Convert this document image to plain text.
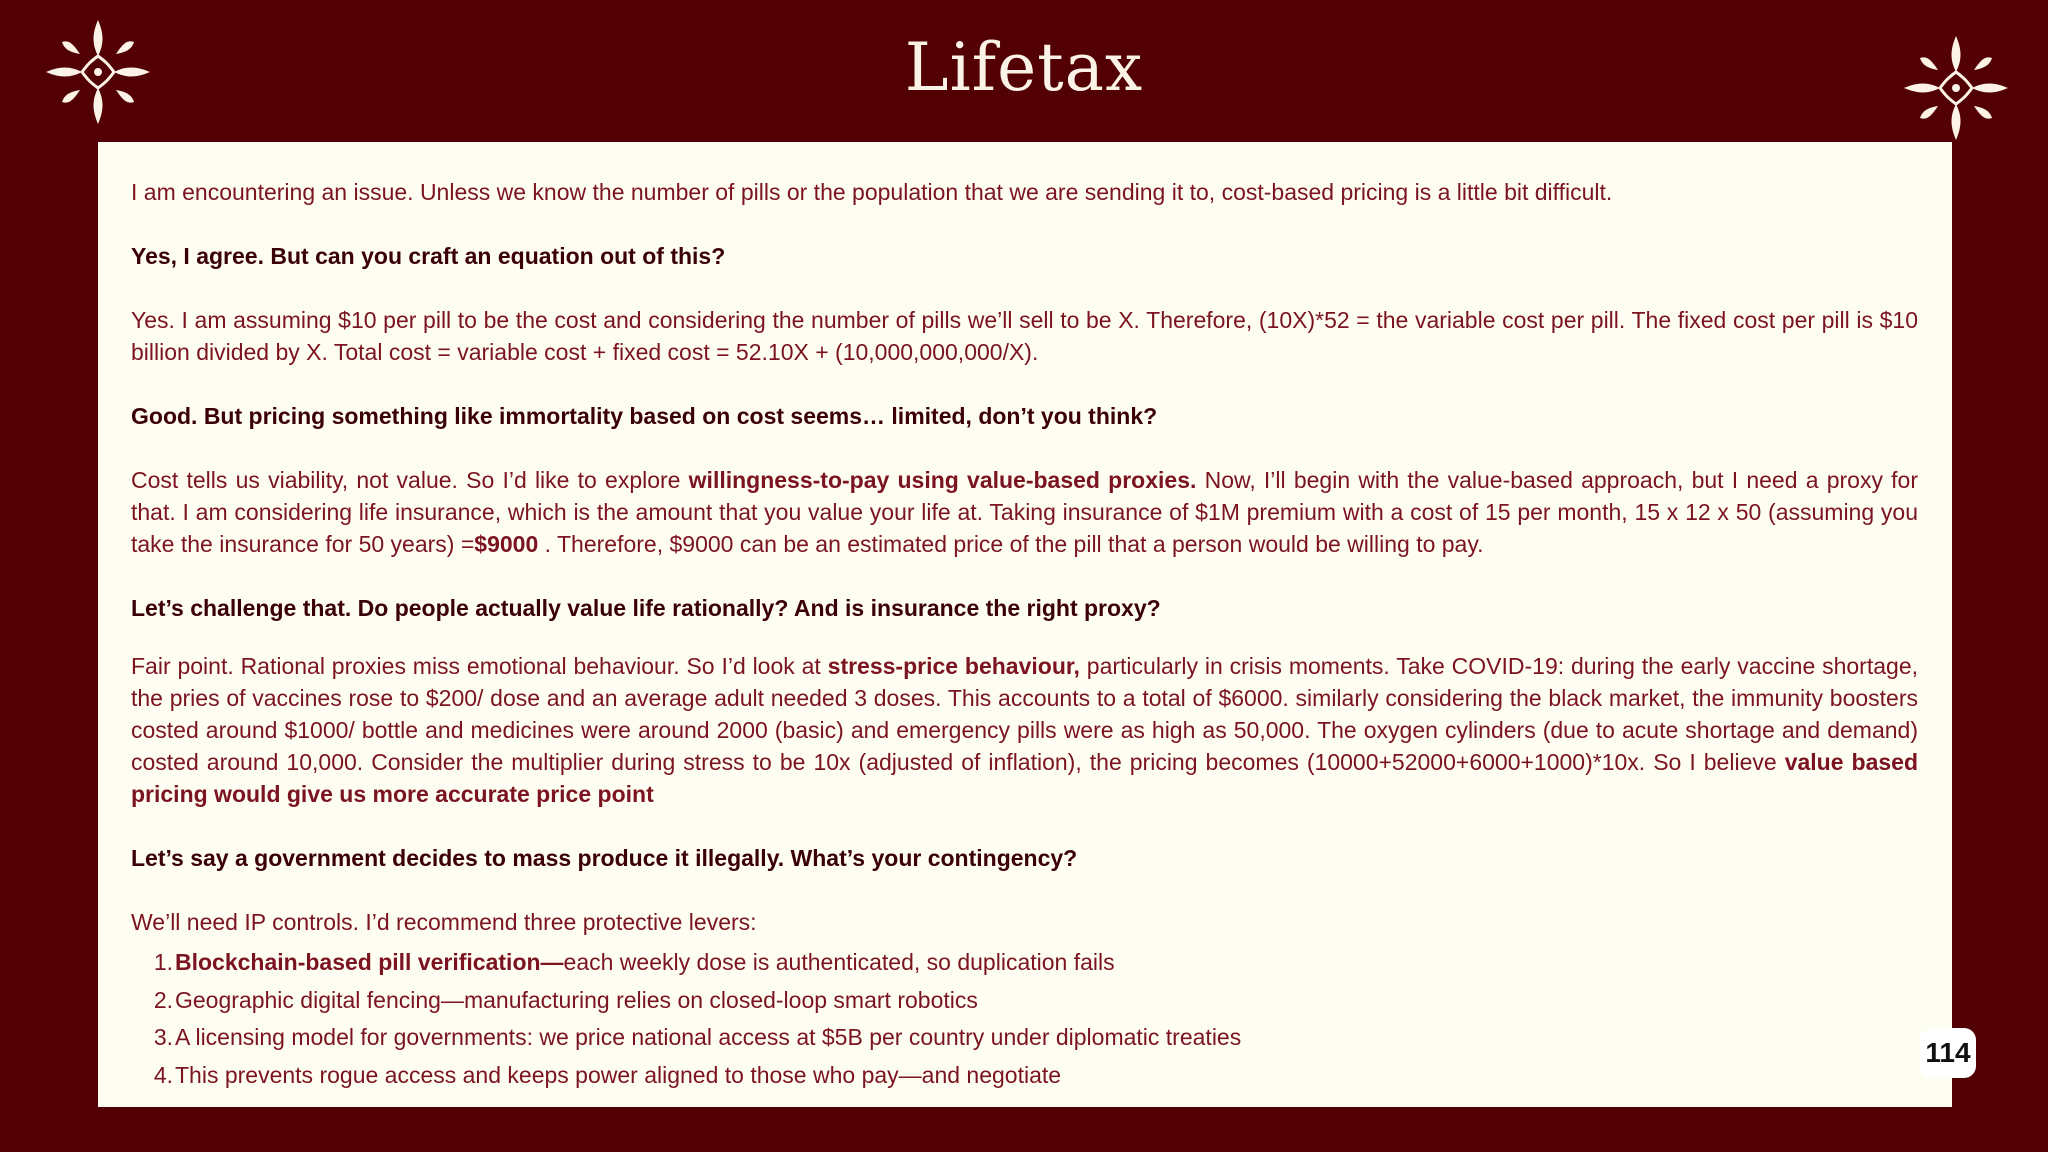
Lifetax

I am encountering an issue. Unless we know the number of pills or the population that we are sending it to, cost-based pricing is a little bit difficult.

Yes, I agree. But can you craft an equation out of this?

Yes. I am assuming $10 per pill to be the cost and considering the number of pills we’ll sell to be X. Therefore, (10X)*52 = the variable cost per pill. The fixed cost per pill is $10 billion divided by X. Total cost = variable cost + fixed cost = 52.10X + (10,000,000,000/X).

Good. But pricing something like immortality based on cost seems… limited, don’t you think?

Cost tells us viability, not value. So I’d like to explore willingness-to-pay using value-based proxies. Now, I’ll begin with the value-based approach, but I need a proxy for that. I am considering life insurance, which is the amount that you value your life at. Taking insurance of $1M premium with a cost of 15 per month, 15 x 12 x 50 (assuming you take the insurance for 50 years) =$9000 . Therefore, $9000 can be an estimated price of the pill that a person would be willing to pay.

Let’s challenge that. Do people actually value life rationally? And is insurance the right proxy?

Fair point. Rational proxies miss emotional behaviour. So I’d look at stress-price behaviour, particularly in crisis moments. Take COVID-19: during the early vaccine shortage, the pries of vaccines rose to $200/ dose and an average adult needed 3 doses. This accounts to a total of $6000. similarly considering the black market, the immunity boosters costed around $1000/ bottle and medicines were around 2000 (basic) and emergency pills were as high as 50,000. The oxygen cylinders (due to acute shortage and demand) costed around 10,000. Consider the multiplier during stress to be 10x (adjusted of inflation), the pricing becomes (10000+52000+6000+1000)*10x. So I believe value based pricing would give us more accurate price point

Let’s say a government decides to mass produce it illegally. What’s your contingency?

We’ll need IP controls. I’d recommend three protective levers:

1. Blockchain-based pill verification—each weekly dose is authenticated, so duplication fails
2. Geographic digital fencing—manufacturing relies on closed-loop smart robotics
3. A licensing model for governments: we price national access at $5B per country under diplomatic treaties
4. This prevents rogue access and keeps power aligned to those who pay—and negotiate
114
